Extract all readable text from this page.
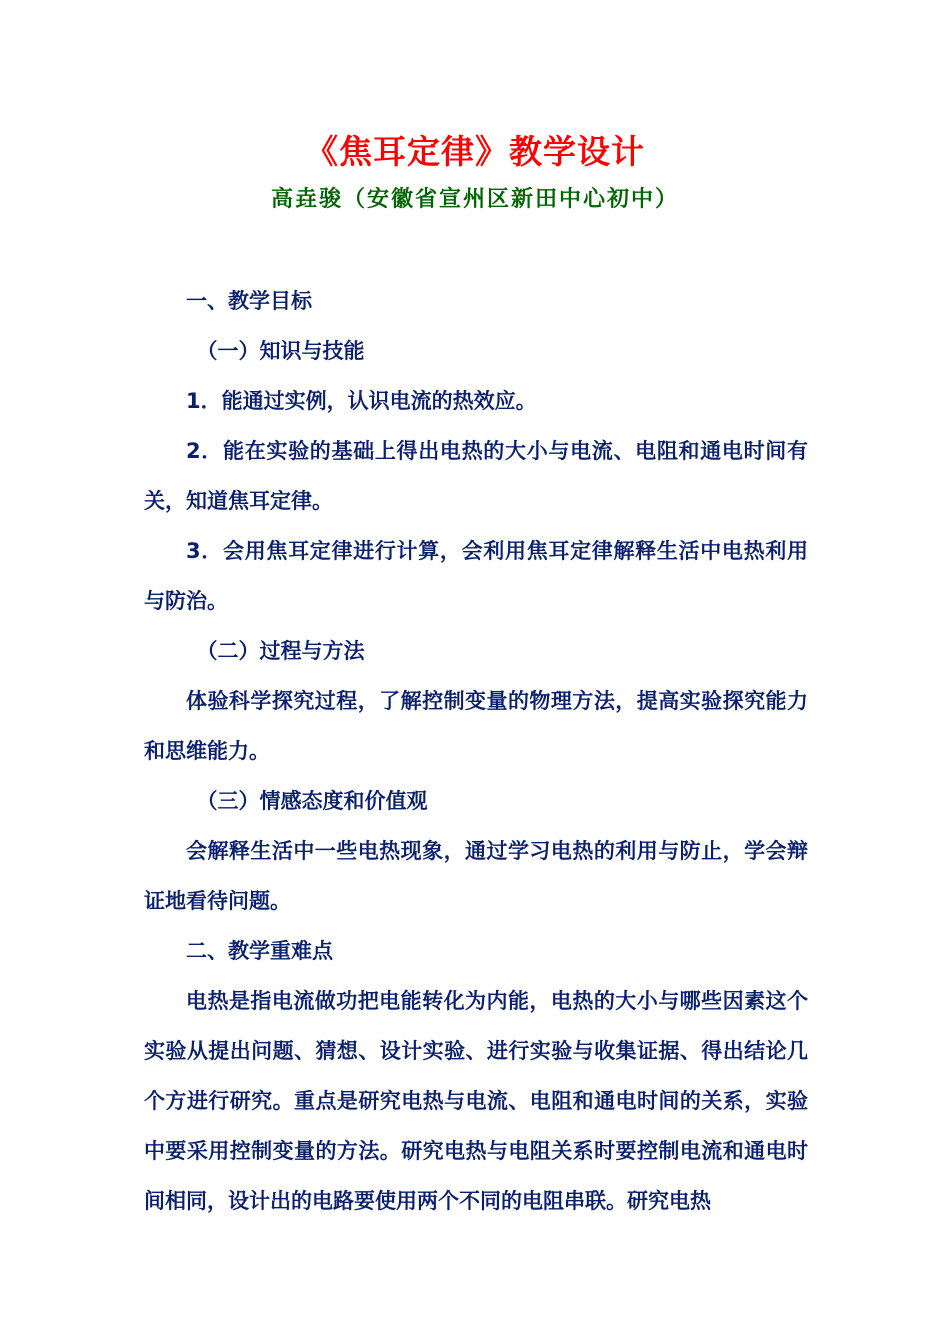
《焦耳定律》教学设计
高垚骏（安徽省宣州区新田中心初中）

一、教学目标

（一）知识与技能

1．能通过实例，认识电流的热效应。

2．能在实验的基础上得出电热的大小与电流、电阻和通电时间有关，知道焦耳定律。

3．会用焦耳定律进行计算，会利用焦耳定律解释生活中电热利用与防治。

（二）过程与方法

体验科学探究过程，了解控制变量的物理方法，提高实验探究能力和思维能力。

（三）情感态度和价值观

会解释生活中一些电热现象，通过学习电热的利用与防止，学会辩证地看待问题。

二、教学重难点

电热是指电流做功把电能转化为内能，电热的大小与哪些因素这个实验从提出问题、猜想、设计实验、进行实验与收集证据、得出结论几个方进行研究。重点是研究电热与电流、电阻和通电时间的关系，实验中要采用控制变量的方法。研究电热与电阻关系时要控制电流和通电时间相同，设计出的电路要使用两个不同的电阻串联。研究电热
